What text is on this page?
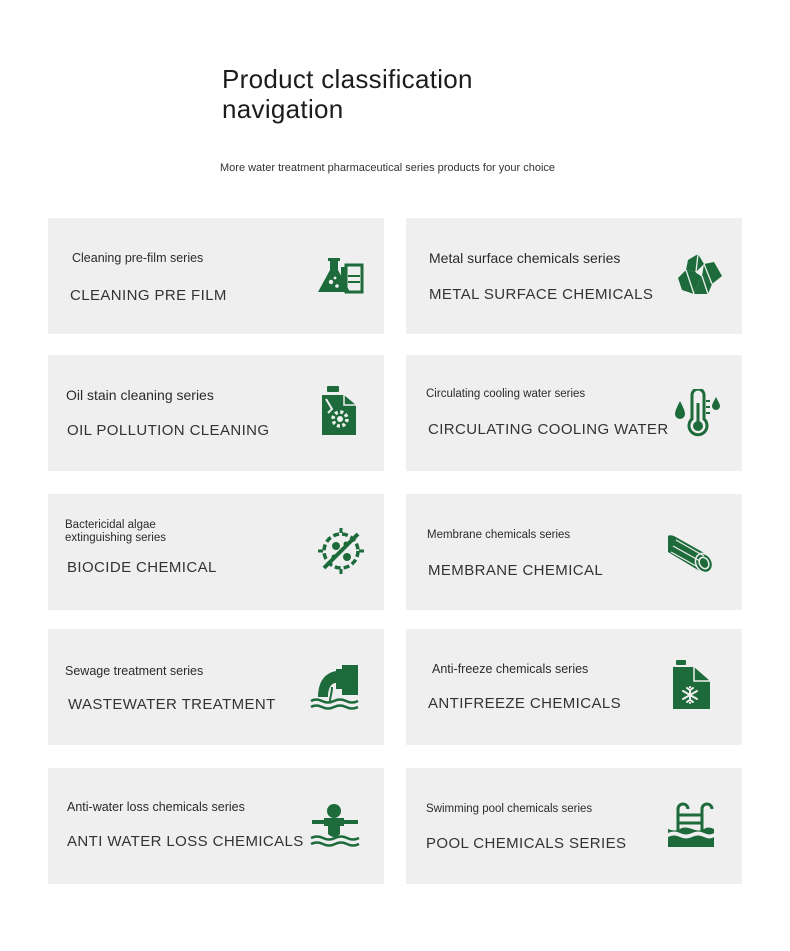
Product classification navigation

More water treatment pharmaceutical series products for your choice

Cleaning pre-film series
CLEANING PRE FILM
Metal surface chemicals series
METAL SURFACE CHEMICALS
Oil stain cleaning series
OIL POLLUTION CLEANING
Circulating cooling water series
CIRCULATING COOLING WATER
Bactericidal algae extinguishing series
BIOCIDE CHEMICAL
Membrane chemicals series
MEMBRANE CHEMICAL
Sewage treatment series
WASTEWATER TREATMENT
Anti-freeze chemicals series
ANTIFREEZE CHEMICALS
Anti-water loss chemicals series
ANTI WATER LOSS CHEMICALS
Swimming pool chemicals series
POOL CHEMICALS SERIES
